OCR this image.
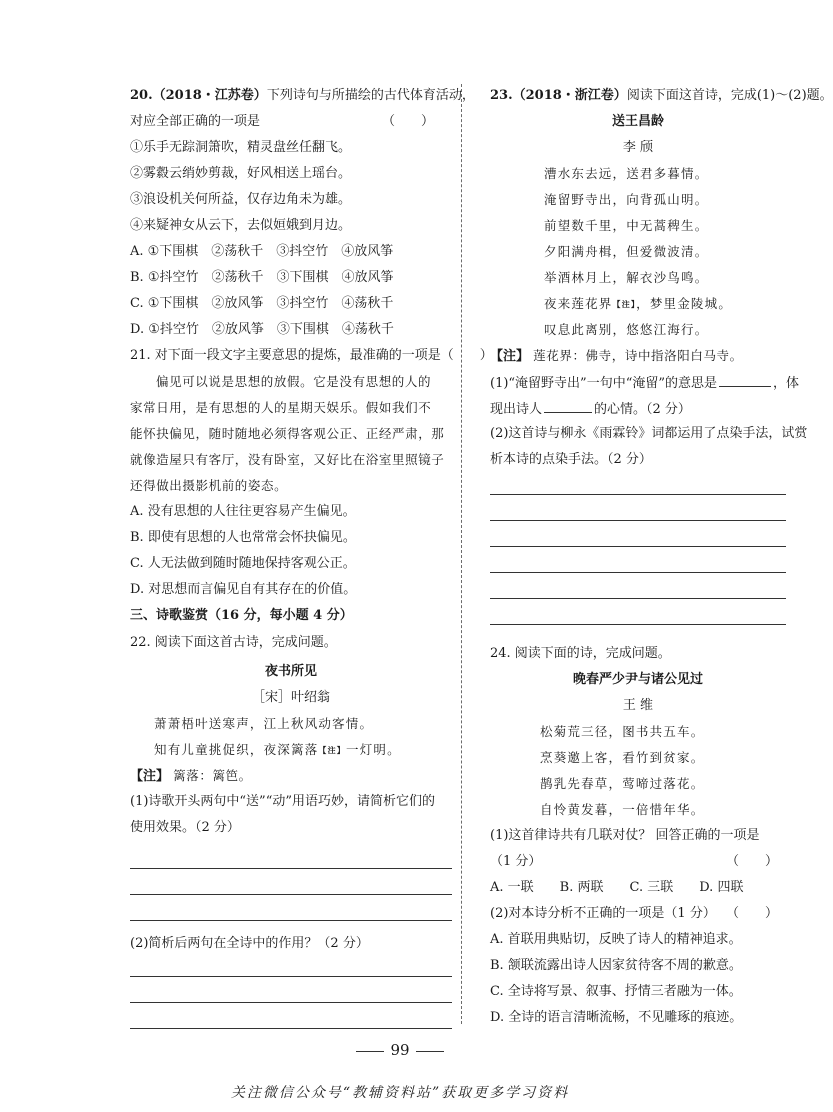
20.（2018・江苏卷）下列诗句与所描绘的古代体育活动，
对应全部正确的一项是	（　　）
①乐手无踪洞箫吹，精灵盘丝任翻飞。
②雾縠云绡妙剪裁，好风相送上瑶台。
③浪设机关何所益，仅存边角未为雄。
④来疑神女从云下，去似姮娥到月边。
A. ①下围棋　②荡秋千　③抖空竹　④放风筝
B. ①抖空竹　②荡秋千　③下围棋　④放风筝
C. ①下围棋　②放风筝　③抖空竹　④荡秋千
D. ①抖空竹　②放风筝　③下围棋　④荡秋千
21. 对下面一段文字主要意思的提炼，最准确的一项是（　　）
偏见可以说是思想的放假。它是没有思想的人的
家常日用，是有思想的人的星期天娱乐。假如我们不
能怀抉偏见，随时随地必须得客观公正、正经严肃，那
就像造屋只有客厅，没有卧室，又好比在浴室里照镜子
还得做出摄影机前的姿态。
A. 没有思想的人往往更容易产生偏见。
B. 即使有思想的人也常常会怀抉偏见。
C. 人无法做到随时随地保持客观公正。
D. 对思想而言偏见自有其存在的价值。
三、诗歌鉴赏（16 分，每小题 4 分）
22. 阅读下面这首古诗，完成问题。
夜书所见
［宋］叶绍翁
萧萧梧叶送寒声，江上秋风动客情。
知有儿童挑促织，夜深篱落$^{【注】}$一灯明。
【注】 篱落：篱笆。
(1)诗歌开头两句中“送”“动”用语巧妙，请简析它们的
使用效果。（2 分）
(2)简析后两句在全诗中的作用？（2 分）
23.（2018・浙江卷）阅读下面这首诗，完成(1)～(2)题。
送王昌龄
李 颀
漕水东去远，送君多暮情。
淹留野寺出，向背孤山明。
前望数千里，中无蒿稗生。
夕阳满舟楫，但爱微波清。
举酒林月上，解衣沙鸟鸣。
夜来莲花界$^{【注】}$，梦里金陵城。
叹息此离别，悠悠江海行。
【注】 莲花界：佛寺，诗中指洛阳白马寺。
(1)“淹留野寺出”一句中“淹留”的意思是	，体
现出诗人	的心情。（2 分）
(2)这首诗与柳永《雨霖铃》词都运用了点染手法，试赏
析本诗的点染手法。（2 分）
24. 阅读下面的诗，完成问题。
晚春严少尹与诸公见过
王 维
松菊荒三径，图书共五车。
烹葵邀上客，看竹到贫家。
鹊乳先春草，莺啼过落花。
自怜黄发暮，一倍惜年华。
(1)这首律诗共有几联对仗？ 回答正确的一项是
（1 分）	（　　）
A. 一联　　B. 两联　　C. 三联　　D. 四联
(2)对本诗分析不正确的一项是（1 分） （　　）
A. 首联用典贴切，反映了诗人的精神追求。
B. 颔联流露出诗人因家贫待客不周的歉意。
C. 全诗将写景、叙事、抒情三者融为一体。
D. 全诗的语言清晰流畅，不见雕琢的痕迹。
99
关注微信公众号“教辅资料站”获取更多学习资料
